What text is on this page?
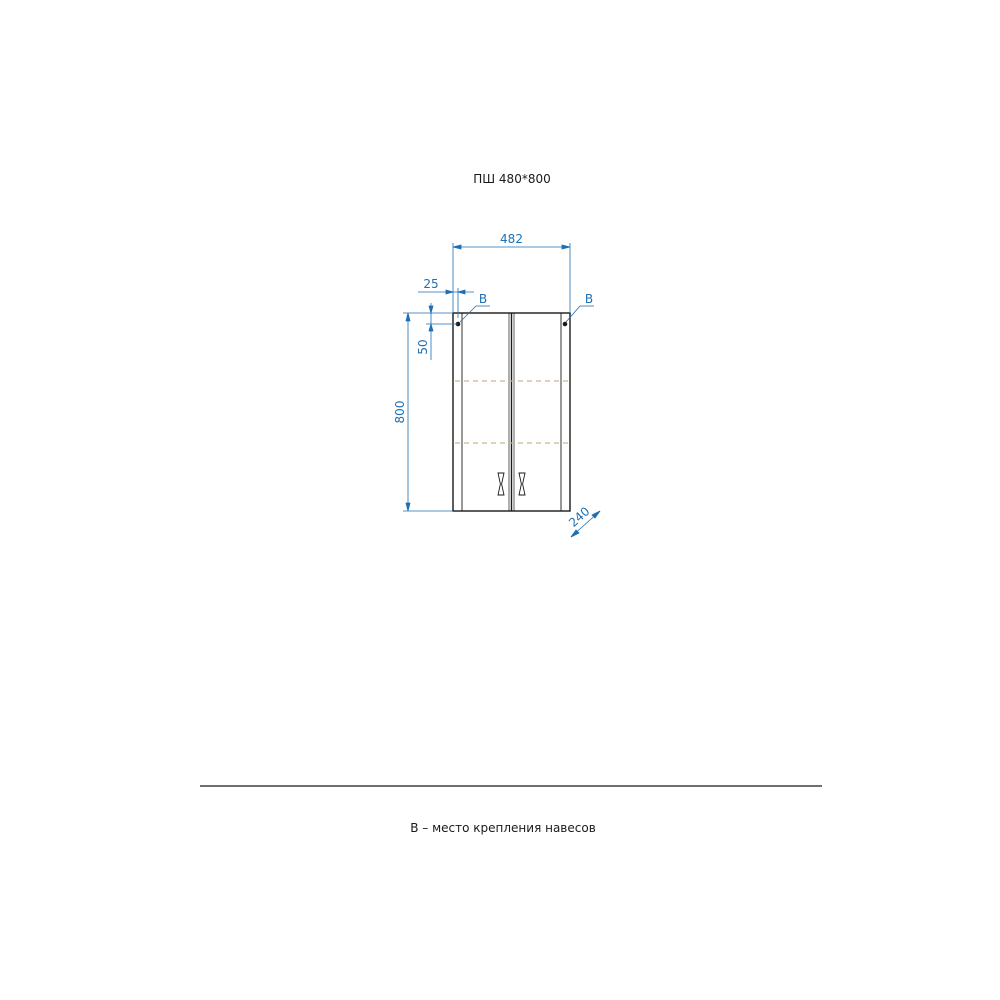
ПШ 480*800
482
25
800
50
240
B	B
B – место крепления навесов
